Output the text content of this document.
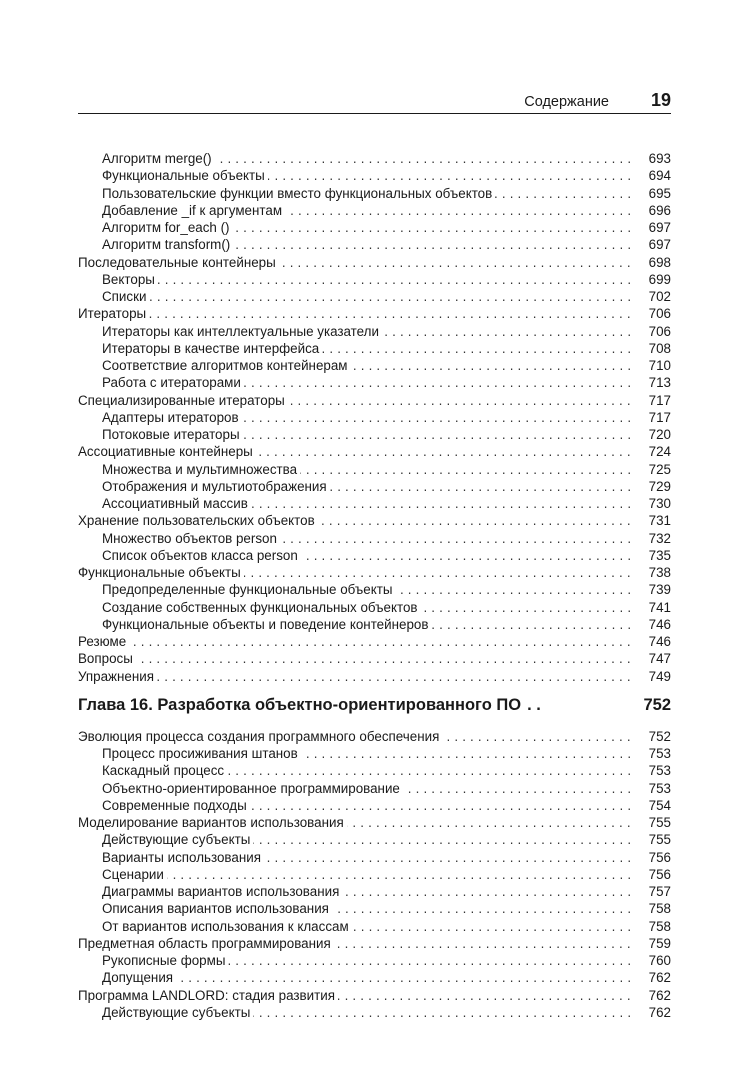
Содержание 19
. . .
Алгоритм merge()	693
. . .
Функциональные объекты	694
. . .
Пользовательские функции вместо функциональных объектов	695
. . .
Добавление _if к аргументам	696
. . .
Алгоритм for_each ()	697
. . .
Алгоритм transform()	697
. . .
Последовательные контейнеры	698
. . .
Векторы	699
. . .
Списки	702
. . .
Итераторы	706
. . .
Итераторы как интеллектуальные указатели	706
. . .
Итераторы в качестве интерфейса	708
. . .
Соответствие алгоритмов контейнерам	710
. . .
Работа с итераторами	713
. . .
Специализированные итераторы	717
. . .
Адаптеры итераторов	717
. . .
Потоковые итераторы	720
. . .
Ассоциативные контейнеры	724
. . .
Множества и мультимножества	725
. . .
Отображения и мультиотображения	729
. . .
Ассоциативный массив	730
. . .
Хранение пользовательских объектов	731
. . .
Множество объектов person	732
. . .
Список объектов класса person	735
. . .
Функциональные объекты	738
. . .
Предопределенные функциональные объекты	739
. . .
Создание собственных функциональных объектов	741
. . .
Функциональные объекты и поведение контейнеров	746
. . .
Резюме	746
. . .
Вопросы	747
. . .
Упражнения	749
Глава 16. Разработка объектно-ориентированного ПО . .	752
. . .
Эволюция процесса создания программного обеспечения	752
. . .
Процесс просиживания штанов	753
. . .
Каскадный процесс	753
. . .
Объектно-ориентированное программирование	753
. . .
Современные подходы	754
. . .
Моделирование вариантов использования	755
. . .
Действующие субъекты	755
. . .
Варианты использования	756
. . .
Сценарии	756
. . .
Диаграммы вариантов использования	757
. . .
Описания вариантов использования	758
. . .
От вариантов использования к классам	758
. . .
Предметная область программирования	759
. . .
Рукописные формы	760
. . .
Допущения	762
. . .
Программа LANDLORD: стадия развития	762
. . .
Действующие субъекты	762
